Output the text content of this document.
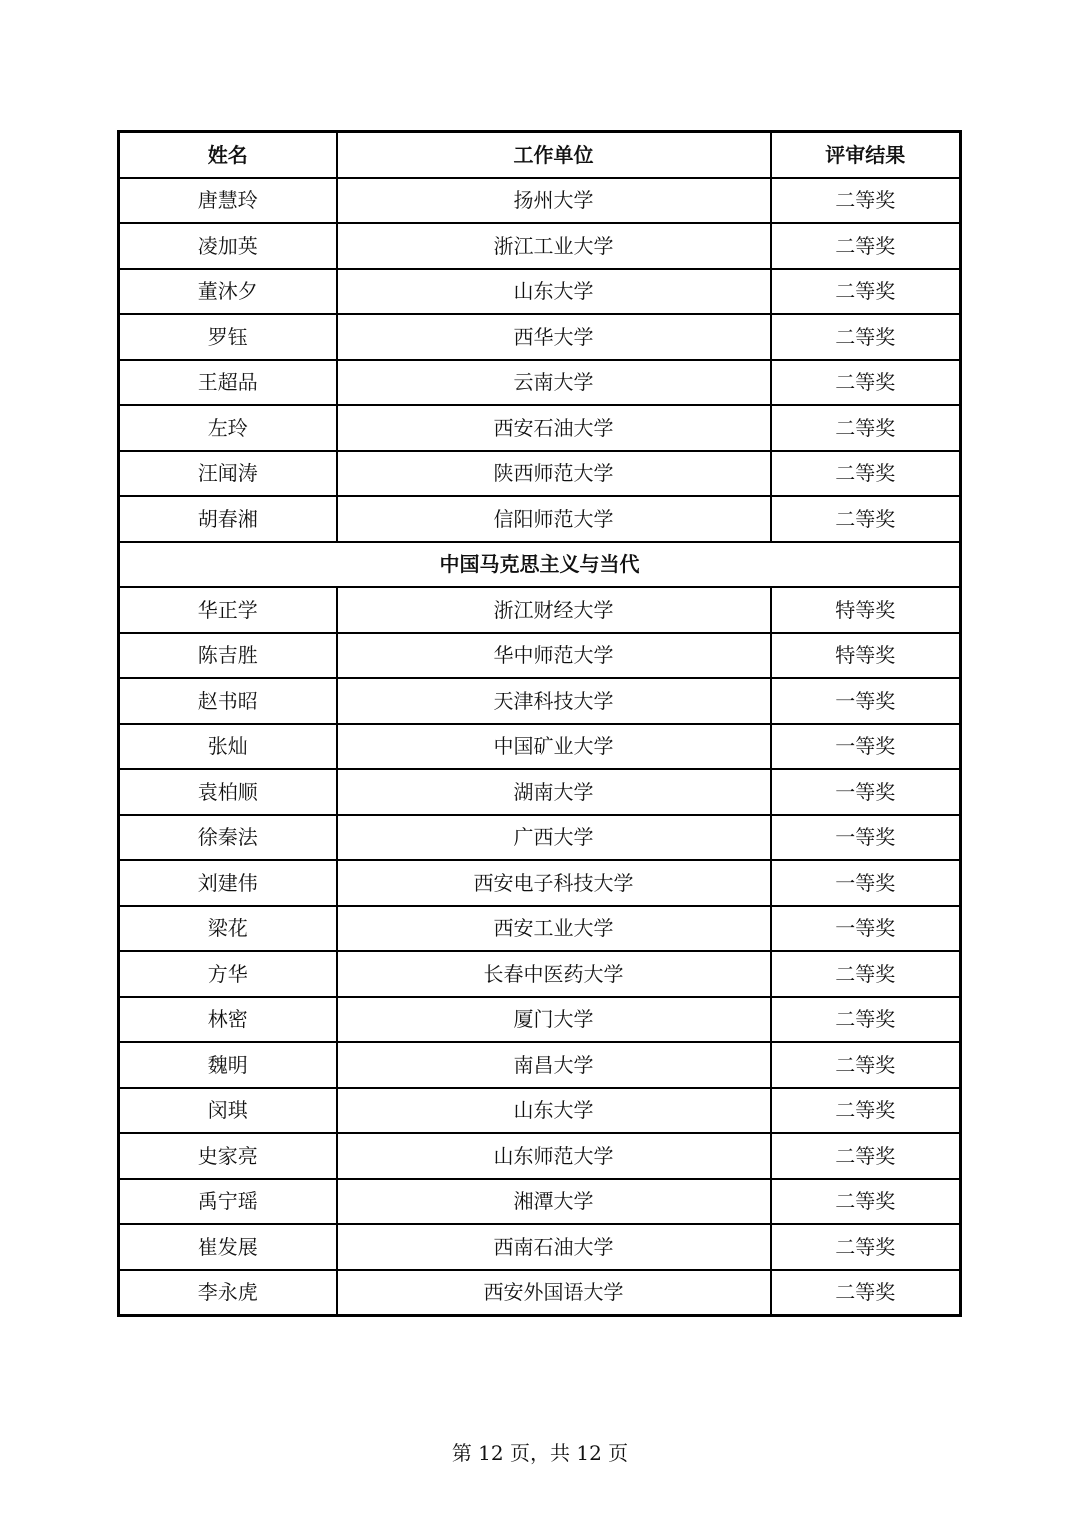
姓名	工作单位	评审结果
唐慧玲	扬州大学	二等奖
凌加英	浙江工业大学	二等奖
董沐夕	山东大学	二等奖
罗钰	西华大学	二等奖
王超品	云南大学	二等奖
左玲	西安石油大学	二等奖
汪闻涛	陕西师范大学	二等奖
胡春湘	信阳师范大学	二等奖
中国马克思主义与当代		
华正学	浙江财经大学	特等奖
陈吉胜	华中师范大学	特等奖
赵书昭	天津科技大学	一等奖
张灿	中国矿业大学	一等奖
袁柏顺	湖南大学	一等奖
徐秦法	广西大学	一等奖
刘建伟	西安电子科技大学	一等奖
梁花	西安工业大学	一等奖
方华	长春中医药大学	二等奖
林密	厦门大学	二等奖
魏明	南昌大学	二等奖
闵琪	山东大学	二等奖
史家亮	山东师范大学	二等奖
禹宁瑶	湘潭大学	二等奖
崔发展	西南石油大学	二等奖
李永虎	西安外国语大学	二等奖
第 12 页，共 12 页
